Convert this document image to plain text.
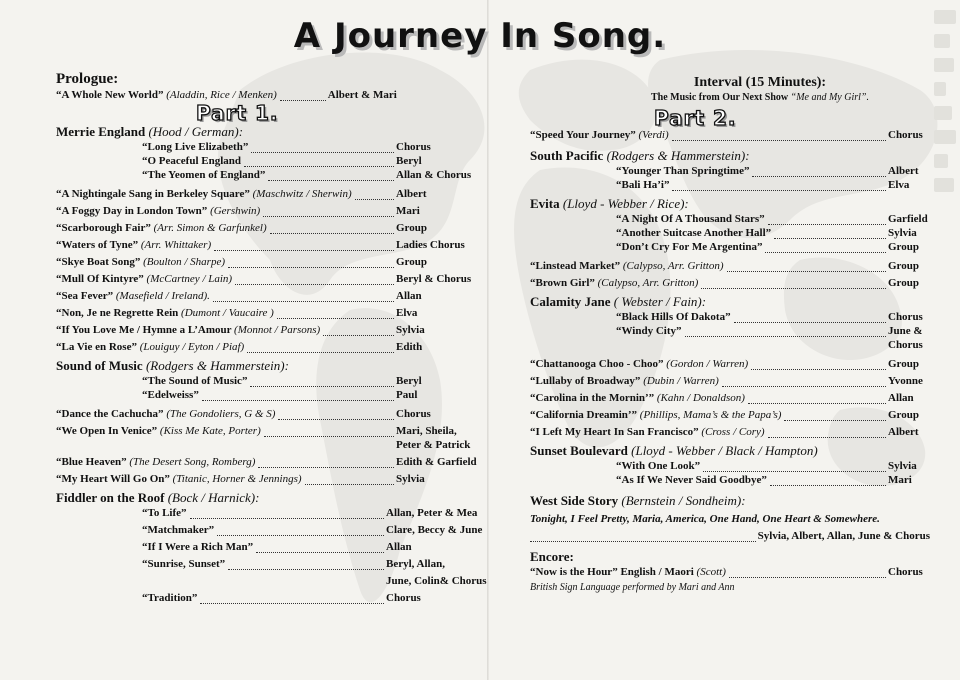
A Journey In Song.
Prologue:
“A Whole New World” (Aladdin, Rice / Menken)	Albert & Mari
Part 1.
Merrie England (Hood / German):
“Long Live Elizabeth”	Chorus
“O Peaceful England	Beryl
“The Yeomen of England”	Allan & Chorus
“A Nightingale Sang in Berkeley Square” (Maschwitz / Sherwin)	Albert
“A Foggy Day in London Town” (Gershwin)	Mari
“Scarborough Fair” (Arr. Simon & Garfunkel)	Group
“Waters of Tyne” (Arr. Whittaker)	Ladies Chorus
“Skye Boat Song” (Boulton / Sharpe)	Group
“Mull Of Kintyre” (McCartney / Lain)	Beryl & Chorus
“Sea Fever” (Masefield / Ireland).	Allan
“Non, Je ne Regrette Rein (Dumont / Vaucaire )	Elva
“If You Love Me / Hymne a L’Amour (Monnot / Parsons)	Sylvia
“La Vie en Rose” (Louiguy / Eyton / Piaf)	Edith
Sound of Music (Rodgers & Hammerstein):
“The Sound of Music”	Beryl
“Edelweiss”	Paul
“Dance the Cachucha” (The Gondoliers, G & S)	Chorus
“We Open In Venice” (Kiss Me Kate, Porter)	Mari, Sheila,
Peter & Patrick
“Blue Heaven” (The Desert Song, Romberg)	Edith & Garfield
“My Heart Will Go On” (Titanic, Horner & Jennings)	Sylvia
Fiddler on the Roof (Bock / Harnick):
“To Life”	Allan, Peter & Mea
“Matchmaker”	Clare, Beccy & June
“If I Were a Rich Man”	Allan
“Sunrise, Sunset”	Beryl, Allan,
June, Colin& Chorus
“Tradition”	Chorus
Interval (15 Minutes):
The Music from Our Next Show “Me and My Girl”.
Part 2.
“Speed Your Journey” (Verdi)	Chorus
South Pacific (Rodgers & Hammerstein):
“Younger Than Springtime”	Albert
“Bali Ha’i”	Elva
Evita (Lloyd - Webber / Rice):
“A Night Of A Thousand Stars”	Garfield
“Another Suitcase Another Hall”	Sylvia
“Don’t Cry For Me Argentina”	Group
“Linstead Market” (Calypso, Arr. Gritton)	Group
“Brown Girl” (Calypso, Arr. Gritton)	Group
Calamity Jane ( Webster / Fain):
“Black Hills Of Dakota”	Chorus
“Windy City”	June &
Chorus
“Chattanooga Choo - Choo” (Gordon / Warren)	Group
“Lullaby of Broadway” (Dubin / Warren)	Yvonne
“Carolina in the Mornin’” (Kahn / Donaldson)	Allan
“California Dreamin’” (Phillips, Mama’s & the Papa’s)	Group
“I Left My Heart In San Francisco” (Cross / Cory)	Albert
Sunset Boulevard (Lloyd - Webber / Black / Hampton)
“With One Look”	Sylvia
“As If We Never Said Goodbye”	Mari
West Side Story (Bernstein / Sondheim):
Tonight, I Feel Pretty, Maria, America, One Hand, One Heart & Somewhere.
Sylvia, Albert, Allan, June & Chorus
Encore:
“Now is the Hour” English / Maori (Scott)	Chorus
British Sign Language performed by Mari and Ann
